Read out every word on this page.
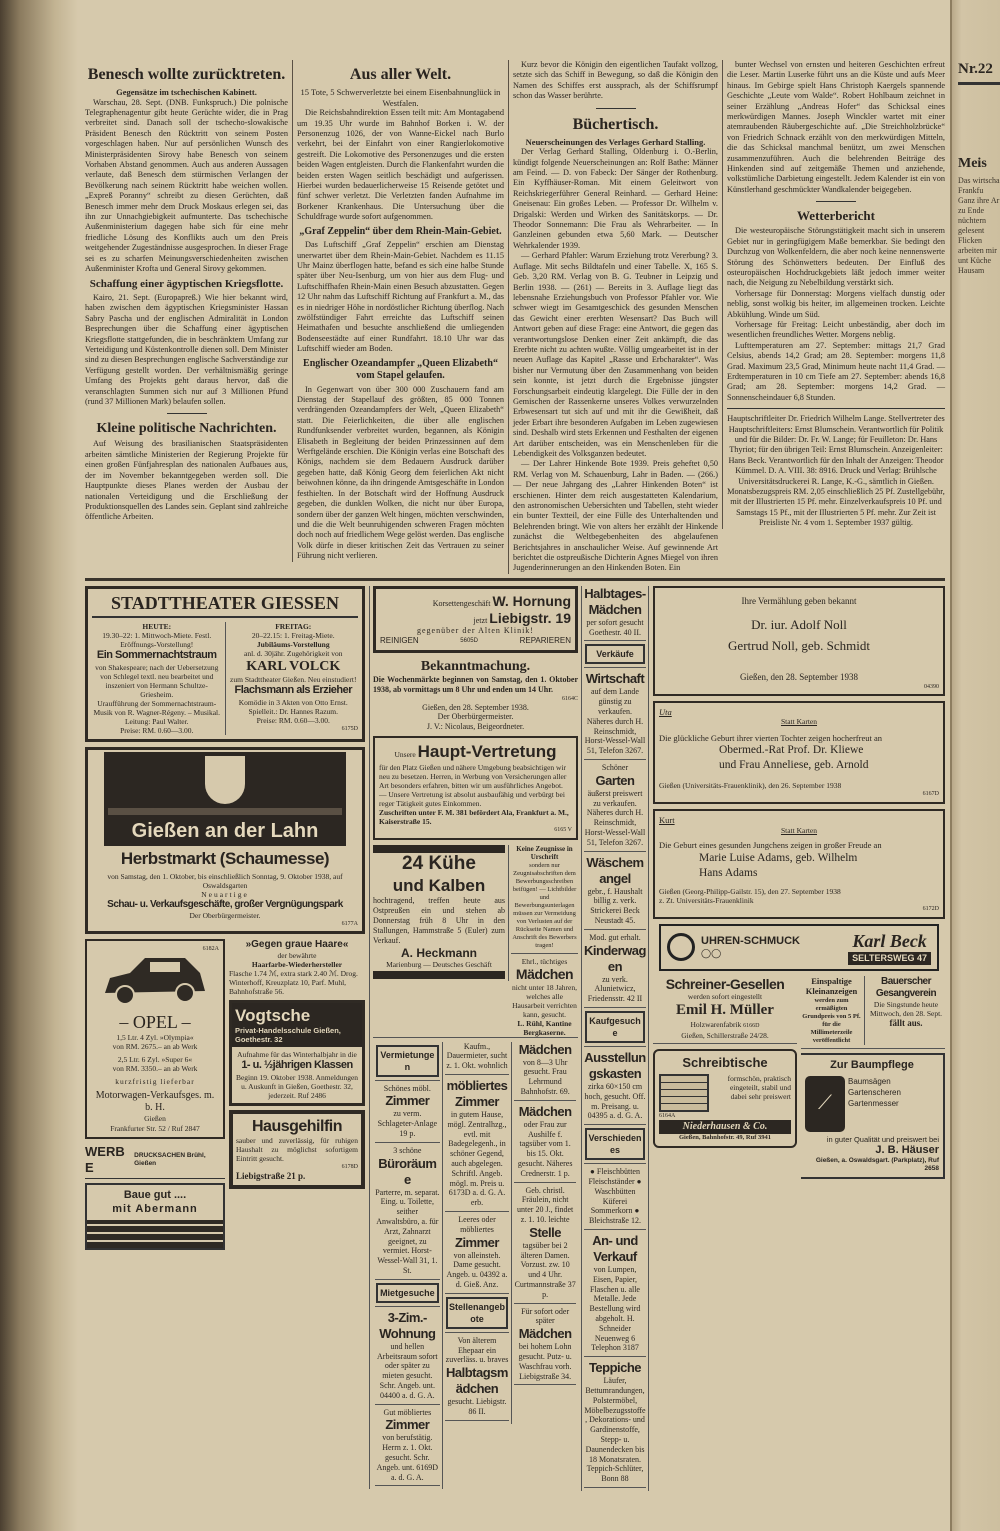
Nr.22
Meis
Das wirtscha Frankfu Ganz ihre Ar zu Ende nüchtern gelesent Flicken arbeiten mir unt Küche Hausam
Benesch wollte zurücktreten.
Gegensätze im tschechischen Kabinett.

Warschau, 28. Sept. (DNB. Funkspruch.) Die polnische Telegraphenagentur gibt heute Gerüchte wider, die in Prag verbreitet sind. Danach soll der tschecho-slowakische Präsident Benesch den Rücktritt von seinem Posten vorgeschlagen haben. Nur auf persönlichen Wunsch des Ministerpräsidenten Sirovy habe Benesch von seinem Vorhaben Abstand genommen. Auch aus anderen Aussagen verlaute, daß Benesch dem stürmischen Verlangen der Bevölkerung nach seinem Rücktritt habe weichen wollen. „Expreß Poranny“ schreibt zu diesen Gerüchten, daß Benesch immer mehr dem Druck Moskaus erlegen sei, das ihn zur Unnachgiebigkeit aufmunterte. Das tschechische Außenministerium dagegen habe sich für eine mehr friedliche Lösung des Konflikts auch um den Preis weitgehender Zugeständnisse ausgesprochen. In dieser Frage sei es zu scharfen Meinungsverschiedenheiten zwischen Außenminister Krofta und General Sirovy gekommen.

Schaffung einer ägyptischen Kriegsflotte.

Kairo, 21. Sept. (Europapreß.) Wie hier bekannt wird, haben zwischen dem ägyptischen Kriegsminister Hassan Sabry Pascha und der englischen Admiralität in London Besprechungen über die Schaffung einer ägyptischen Kriegsflotte stattgefunden, die in beschränktem Umfang zur Verteidigung und Küstenkontrolle dienen soll. Dem Minister sind zu diesen Besprechungen englische Sachverständige zur Verfügung gestellt worden. Der verhältnismäßig geringe Umfang des Projekts geht daraus hervor, daß die veranschlagten Summen sich nur auf 3 Millionen Pfund (rund 37 Millionen Mark) belaufen sollen.

Kleine politische Nachrichten.

Auf Weisung des brasilianischen Staatspräsidenten arbeiten sämtliche Ministerien der Regierung Projekte für einen großen Fünfjahresplan des nationalen Aufbaues aus, der im November bekanntgegeben werden soll. Die Hauptpunkte dieses Planes werden der Ausbau der nationalen Verteidigung und die Erschließung der Produktionsquellen des Landes sein. Geplant sind zahlreiche öffentliche Arbeiten.

Aus aller Welt.
15 Tote, 5 Schwerverletzte bei einem Eisenbahnunglück in Westfalen.

Die Reichsbahndirektion Essen teilt mit: Am Montagabend um 19.35 Uhr wurde im Bahnhof Borken i. W. der Personenzug 1026, der von Wanne-Eickel nach Burlo verkehrt, bei der Einfahrt von einer Rangierlokomotive gestreift. Die Lokomotive des Personenzuges und die ersten beiden Wagen entgleisten. Durch die Flankenfahrt wurden die beiden ersten Wagen seitlich beschädigt und aufgerissen. Hierbei wurden bedauerlicherweise 15 Reisende getötet und fünf schwer verletzt. Die Verletzten fanden Aufnahme im Borkener Krankenhaus. Die Untersuchung über die Schuldfrage wurde sofort aufgenommen.

„Graf Zeppelin“ über dem Rhein-Main-Gebiet.

Das Luftschiff „Graf Zeppelin“ erschien am Dienstag unerwartet über dem Rhein-Main-Gebiet. Nachdem es 11.15 Uhr Mainz überflogen hatte, befand es sich eine halbe Stunde später über Neu-Isenburg, um von hier aus dem Flug- und Luftschiffhafen Rhein-Main einen Besuch abzustatten. Gegen 12 Uhr nahm das Luftschiff Richtung auf Frankfurt a. M., das es in niedriger Höhe in nordöstlicher Richtung überflog. Nach zwölfstündiger Fahrt erreichte das Luftschiff seinen Heimathafen und besuchte anschließend die umliegenden Bodenseestädte auf einer Rundfahrt. 18.10 Uhr war das Luftschiff wieder am Boden.

Englischer Ozeandampfer „Queen Elizabeth“ vom Stapel gelaufen.

In Gegenwart von über 300 000 Zuschauern fand am Dienstag der Stapellauf des größten, 85 000 Tonnen verdrängenden Ozeandampfers der Welt, „Queen Elizabeth“ statt. Die Feierlichkeiten, die über alle englischen Rundfunksender verbreitet wurden, begannen, als Königin Elisabeth in Begleitung der beiden Prinzessinnen auf dem Werftgelände erschien. Die Königin verlas eine Botschaft des Königs, nachdem sie dem Bedauern Ausdruck darüber gegeben hatte, daß König Georg dem feierlichen Akt nicht beiwohnen könne, da ihn dringende Amtsgeschäfte in London festhielten. In der Botschaft wird der Hoffnung Ausdruck gegeben, die dunklen Wolken, die nicht nur über Europa, sondern über der ganzen Welt hingen, möchten verschwinden, und die die Welt beunruhigenden schweren Fragen möchten doch noch auf friedlichem Wege gelöst werden. Das englische Volk dürfe in dieser kritischen Zeit das Vertrauen zu seiner Führung nicht verlieren.

Kurz bevor die Königin den eigentlichen Taufakt vollzog, setzte sich das Schiff in Bewegung, so daß die Königin den Namen des Schiffes erst aussprach, als der Schiffsrumpf schon das Wasser berührte.

Büchertisch.
Neuerscheinungen des Verlages Gerhard Stalling.

Der Verlag Gerhard Stalling, Oldenburg i. O.-Berlin, kündigt folgende Neuerscheinungen an: Rolf Bathe: Männer am Feind. — D. von Fabeck: Der Sänger der Rothenburg. Ein Kyffhäuser-Roman. Mit einem Geleitwort von Reichskriegerführer General Reinhard. — Gerhard Heine: Gneisenau: Ein großes Leben. — Professor Dr. Wilhelm v. Drigalski: Werden und Wirken des Sanitätskorps. — Dr. Theodor Sonnemann: Die Frau als Wehrarbeiter. — In Ganzleinen gebunden etwa 5,60 Mark. — Deutscher Wehrkalender 1939.

— Gerhard Pfahler: Warum Erziehung trotz Vererbung? 3. Auflage. Mit sechs Bildtafeln und einer Tabelle. X, 165 S. Geb. 3,20 RM. Verlag von B. G. Teubner in Leipzig und Berlin 1938. — (261) — Bereits in 3. Auflage liegt das lebensnahe Erziehungsbuch von Professor Pfahler vor. Wie schwer wiegt im Gesamtgeschick des gesunden Menschen das Gewicht einer ererbten Wesensart? Das Buch will Antwort geben auf diese Frage: eine Antwort, die gegen das verantwortungslose Denken einer Zeit ankämpft, die das Ererbte nicht zu achten wußte. Völlig umgearbeitet ist in der neuen Auflage das Kapitel „Rasse und Erbcharakter“. Was bisher nur Vermutung über den Zusammenhang von beiden sein konnte, ist jetzt durch die Ergebnisse jüngster Forschungsarbeit eindeutig klargelegt. Die Fülle der in den Gemischen der Rassenkerne unseres Volkes verwurzelnden Erbwesensart tut sich auf und mit ihr die Gewißheit, daß jeder Erbart ihre besonderen Aufgaben im Leben zugewiesen sind. Deshalb wird stets Erkennen und Festhalten der eigenen Art darüber entscheiden, was ein Menschenleben für die Lebendigkeit des Volksganzen bedeutet.

— Der Lahrer Hinkende Bote 1939. Preis geheftet 0,50 RM. Verlag von M. Schauenburg, Lahr in Baden. — (266.) — Der neue Jahrgang des „Lahrer Hinkenden Boten“ ist erschienen. Hinter dem reich ausgestatteten Kalendarium, den astronomischen Uebersichten und Tabellen, steht wieder ein bunter Textteil, der eine Fülle des Unterhaltenden und Belehrenden bringt. Wie von alters her erzählt der Hinkende zunächst die Weltbegebenheiten des abgelaufenen Berichtsjahres in anschaulicher Weise. Auf gewinnende Art berichtet die ostpreußische Dichterin Agnes Miegel von ihren Jugenderinnerungen an den Hinkenden Boten. Ein

bunter Wechsel von ernsten und heiteren Geschichten erfreut die Leser. Martin Luserke führt uns an die Küste und aufs Meer hinaus. Im Gebirge spielt Hans Christoph Kaergels spannende Geschichte „Leute vom Walde“. Robert Hohlbaum zeichnet in seiner Erzählung „Andreas Hofer“ das Schicksal eines merkwürdigen Mannes. Joseph Winckler wartet mit einer atemraubenden Räubergeschichte auf. „Die Streichholzbrücke“ von Friedrich Schnack erzählt von den merkwürdigen Mitteln, die das Schicksal manchmal benützt, um zwei Menschen zusammenzuführen. Auch die belehrenden Beiträge des Hinkenden sind auf zeitgemäße Themen und anziehende, volkstümliche Darbietung eingestellt. Jedem Kalender ist ein von Künstlerhand geschmückter Wandkalender beigegeben.

Wetterbericht

Die westeuropäische Störungstätigkeit macht sich in unserem Gebiet nur in geringfügigem Maße bemerkbar. Sie bedingt den Durchzug von Wolkenfeldern, die aber noch keine nennenswerte Störung des Schönwetters bedeuten. Der Einfluß des osteuropäischen Hochdruckgebiets läßt jedoch immer weiter nach, die Neigung zu Nebelbildung verstärkt sich.

Vorhersage für Donnerstag: Morgens vielfach dunstig oder neblig, sonst wolkig bis heiter, im allgemeinen trocken. Leichte Abkühlung. Winde um Süd.

Vorhersage für Freitag: Leicht unbeständig, aber doch im wesentlichen freundliches Wetter. Morgens neblig.

Lufttemperaturen am 27. September: mittags 21,7 Grad Celsius, abends 14,2 Grad; am 28. September: morgens 11,8 Grad. Maximum 23,5 Grad, Minimum heute nacht 11,4 Grad. — Erdtemperaturen in 10 cm Tiefe am 27. September: abends 16,8 Grad; am 28. September: morgens 14,2 Grad. — Sonnenscheindauer 6,8 Stunden.

Hauptschriftleiter Dr. Friedrich Wilhelm Lange. Stellvertreter des Hauptschriftleiters: Ernst Blumschein. Verantwortlich für Politik und für die Bilder: Dr. Fr. W. Lange; für Feuilleton: Dr. Hans Thyriot; für den übrigen Teil: Ernst Blumschein. Anzeigenleiter: Hans Beck. Verantwortlich für den Inhalt der Anzeigen: Theodor Kümmel. D. A. VIII. 38: 8916. Druck und Verlag: Brühlsche Universitätsdruckerei R. Lange, K.-G., sämtlich in Gießen. Monatsbezugspreis RM. 2,05 einschließlich 25 Pf. Zustellgebühr, mit der Illustrierten 15 Pf. mehr. Einzelverkaufspreis 10 Pf. und Samstags 15 Pf., mit der Illustrierten 5 Pf. mehr. Zur Zeit ist Preisliste Nr. 4 vom 1. September 1937 gültig.
STADTTHEATER GIESSEN
HEUTE:
19.30–22: 1. Mittwoch-Miete. Festl. Eröffnungs-Vorstellung!
Ein Sommernachtstraum
von Shakespeare; nach der Uebersetzung von Schlegel textl. neu bearbeitet und inszeniert von Hermann Schultze-Griesheim.
Uraufführung der Sommernachtstraum-Musik von R. Wagner-Régeny. – Musikal. Leitung: Paul Walter.
Preise: RM. 0.60—3.00.
FREITAG:
20–22.15: 1. Freitag-Miete.
Jubiläums-Vorstellung
anl. d. 30jähr. Zugehörigkeit von
KARL VOLCK
zum Stadttheater Gießen. Neu einstudiert!
Flachsmann als Erzieher
Komödie in 3 Akten von Otto Ernst. Spielleit.: Dr. Hannes Razum.
Preise: RM. 0.60—3.00.
6175D
Gießen an der Lahn
Herbstmarkt (Schaumesse)
von Samstag, den 1. Oktober, bis einschließlich Sonntag, 9. Oktober 1938, auf Oswaldsgarten
Neuartige
Schau- u. Verkaufsgeschäfte, großer Vergnügungspark
Der Oberbürgermeister.
6177A
6182A
– OPEL –
1,5 Ltr. 4 Zyl. »Olympia«
von RM. 2675.– an ab Werk
2,5 Ltr. 6 Zyl. »Super 6«
von RM. 3350.– an ab Werk
kurzfristig lieferbar
Motorwagen-Verkaufsges. m. b. H.
Gießen
Frankfurter Str. 52 / Ruf 2847
WERBE
DRUCKSACHEN Brühl, Gießen
Baue gut ....
mit Abermann
»Gegen graue Haare«
der bewährte
Haarfarbe-Wiederhersteller
Flasche 1.74 ℳ, extra stark 2.40 ℳ. Drog. Winterhoff, Kreuzplatz 10, Parf. Muhl, Bahnhofstraße 56.
Vogtsche
Privat-Handelsschule Gießen, Goethestr. 32
Aufnahme für das Winterhalbjahr in die
1- u. ½jährigen Klassen
Beginn 19. Oktober 1938. Anmeldungen u. Auskunft in Gießen, Goethestr. 32, jederzeit. Ruf 2486
Hausgehilfin
sauber und zuverlässig, für ruhigen Haushalt zu möglichst sofortigem Eintritt gesucht.
6178D
Liebigstraße 21 p.
Korsettengeschäft W. Hornung
jetzt Liebigstr. 19
gegenüber der Alten Klinik!
REINIGEN	5605D	REPARIEREN
Bekanntmachung.
Die Wochenmärkte beginnen von Samstag, den 1. Oktober 1938, ab vormittags um 8 Uhr und enden um 14 Uhr.
6164C
Gießen, den 28. September 1938.
Der Oberbürgermeister.
J. V.: Nicolaus, Beigeordneter.
Unsere Haupt-Vertretung
für den Platz Gießen und nähere Umgebung beabsichtigen wir neu zu besetzen. Herren, in Werbung von Versicherungen aller Art besonders erfahren, bitten wir um ausführliches Angebot. — Unsere Vertretung ist absolut ausbaufähig und verbürgt bei reger Tätigkeit gutes Einkommen.
Zuschriften unter F. M. 381 befördert Ala, Frankfurt a. M., Kaiserstraße 15.
6165 V
24 Kühe
und Kalben
hochtragend, treffen heute aus Ostpreußen ein und stehen ab Donnerstag früh 8 Uhr in den Stallungen, Hammstraße 5 (Euler) zum Verkauf.
A. Heckmann
Marienburg — Deutsches Geschäft
Keine Zeugnisse in Urschrift
sondern nur Zeugnisabschriften dem Bewerbungsschreiben beifügen! — Lichtbilder und Bewerbungsunterlagen müssen zur Vermeidung von Verlusten auf der Rückseite Namen und Anschrift des Bewerbers tragen!
Ehrl., tüchtiges
Mädchen
nicht unter 18 Jahren, welches alle Hausarbeit verrichten kann, gesucht.
L. Rühl, Kantine Bergkaserne.
Vermietungen
Schönes möbl.
Zimmer
zu verm. Schlageter-Anlage 19 p.
3 schöne
Büroräume
Parterre, m. separat. Eing. u. Toilette, seither Anwaltsbüro, a. für Arzt, Zahnarzt geeignet, zu vermiet. Horst-Wessel-Wall 31, 1. St.
Mietgesuche
3-Zim.-Wohnung
und hellen Arbeitsraum sofort oder später zu mieten gesucht. Schr. Angeb. unt. 04400 a. d. G. A.
Gut möbliertes
Zimmer
von berufstätig. Herrn z. 1. Okt. gesucht. Schr. Angeb. unt. 6169D a. d. G. A.
Kaufm., Dauermieter, sucht z. 1. Okt. wohnlich
möbliertes Zimmer
in gutem Hause, mögl. Zentralhzg., evtl. mit Badegelegenh., in schöner Gegend, auch abgelegen. Schriftl. Angeb. mögl. m. Preis u. 6173D a. d. G. A. erb.
Leeres oder möbliertes
Zimmer
von alleinsteh. Dame gesucht. Angeb. u. 04392 a. d. Gieß. Anz.
Stellenangebote
Von älterem Ehepaar ein zuverläss. u. braves
Halbtagsmädchen
gesucht. Liebigstr. 86 II.
Mädchen
von 8—3 Uhr gesucht. Frau Lehrmund Bahnhofstr. 69.
Mädchen
oder Frau zur Aushilfe f. tagsüber vom 1. bis 15. Okt. gesucht. Näheres Crednerstr. 1 p.
Geb. christl. Fräulein, nicht unter 20 J., findet z. 1. 10. leichte
Stelle
tagsüber bei 2 älteren Damen. Vorzust. zw. 10 und 4 Uhr. Curtmannstraße 37 p.
Für sofort oder später
Mädchen
bei hohem Lohn gesucht. Putz- u. Waschfrau vorh. Liebigstraße 34.
Halbtages-Mädchen
per sofort gesucht Goethestr. 40 II.
Verkäufe
Wirtschaft
auf dem Lande günstig zu verkaufen. Näheres durch H. Reinschmidt, Horst-Wessel-Wall 51, Telefon 3267.
Schöner
Garten
äußerst preiswert zu verkaufen. Näheres durch H. Reinschmidt, Horst-Wessel-Wall 51, Telefon 3267.
Wäschemangel
gebr., f. Haushalt billig z. verk. Strickerei Beck Neustadt 45.
Mod. gut erhalt.
Kinderwagen
zu verk. Alunietwicz, Friedensstr. 42 II
Kaufgesuche
Ausstellungskasten
zirka 60×150 cm hoch, gesucht. Off. m. Preisang. u. 04395 a. d. G. A.
Verschiedenes
● Fleischbütten Fleischständer ● Waschbütten Küferei Sommerkorn ● Bleichstraße 12.
An- und Verkauf
von Lumpen, Eisen, Papier, Flaschen u. alle Metalle. Jede Bestellung wird abgeholt. H. Schneider Neuenweg 6 Telephon 3187
Teppiche
Läufer, Bettumrandungen, Polstermöbel, Möbelbezugsstoffe, Dekorations- und Gardinenstoffe, Stepp- u. Daunendecken bis 18 Monatsraten. Teppich-Schlüter, Bonn 88
Ihre Vermählung geben bekannt
Dr. iur. Adolf Noll
Gertrud Noll, geb. Schmidt
Gießen, den 28. September 1938
04390
Uta
Statt Karten
Die glückliche Geburt ihrer vierten Tochter zeigen hocherfreut an
Obermed.-Rat Prof. Dr. Kliewe
und Frau Anneliese, geb. Arnold
Gießen (Universitäts-Frauenklinik), den 26. September 1938
6167D
Kurt
Statt Karten
Die Geburt eines gesunden Jungchens zeigen in großer Freude an
Marie Luise Adams, geb. Wilhelm
Hans Adams
Gießen (Georg-Philipp-Gailstr. 15), den 27. September 1938
z. Zt. Universitäts-Frauenklinik
6172D
UHREN-SCHMUCK
◯◯
Karl Beck
SELTERSWEG 47
Schreiner-Gesellen
werden sofort eingestellt
Emil H. Müller
Holzwarenfabrik 6166D
Gießen, Schillerstraße 24/28.
Schreibtische
formschön, praktisch eingeteilt, stabil und dabei sehr preiswert
6164A
Niederhausen & Co.
Gießen, Bahnhofstr. 49, Ruf 3941
Einspaltige Kleinanzeigen
werden zum ermäßigten Grundpreis von 5 Pf. für die Millimeterzeile veröffentlicht
Bauerscher Gesangverein
Die Singstunde heute Mittwoch, den 28. Sept.
fällt aus.
Zur Baumpflege
⟋
Baumsägen
Gartenscheren
Gartenmesser
in guter Qualität und preiswert bei
J. B. Häuser
Gießen, a. Oswaldsgart. (Parkplatz), Ruf 2658
